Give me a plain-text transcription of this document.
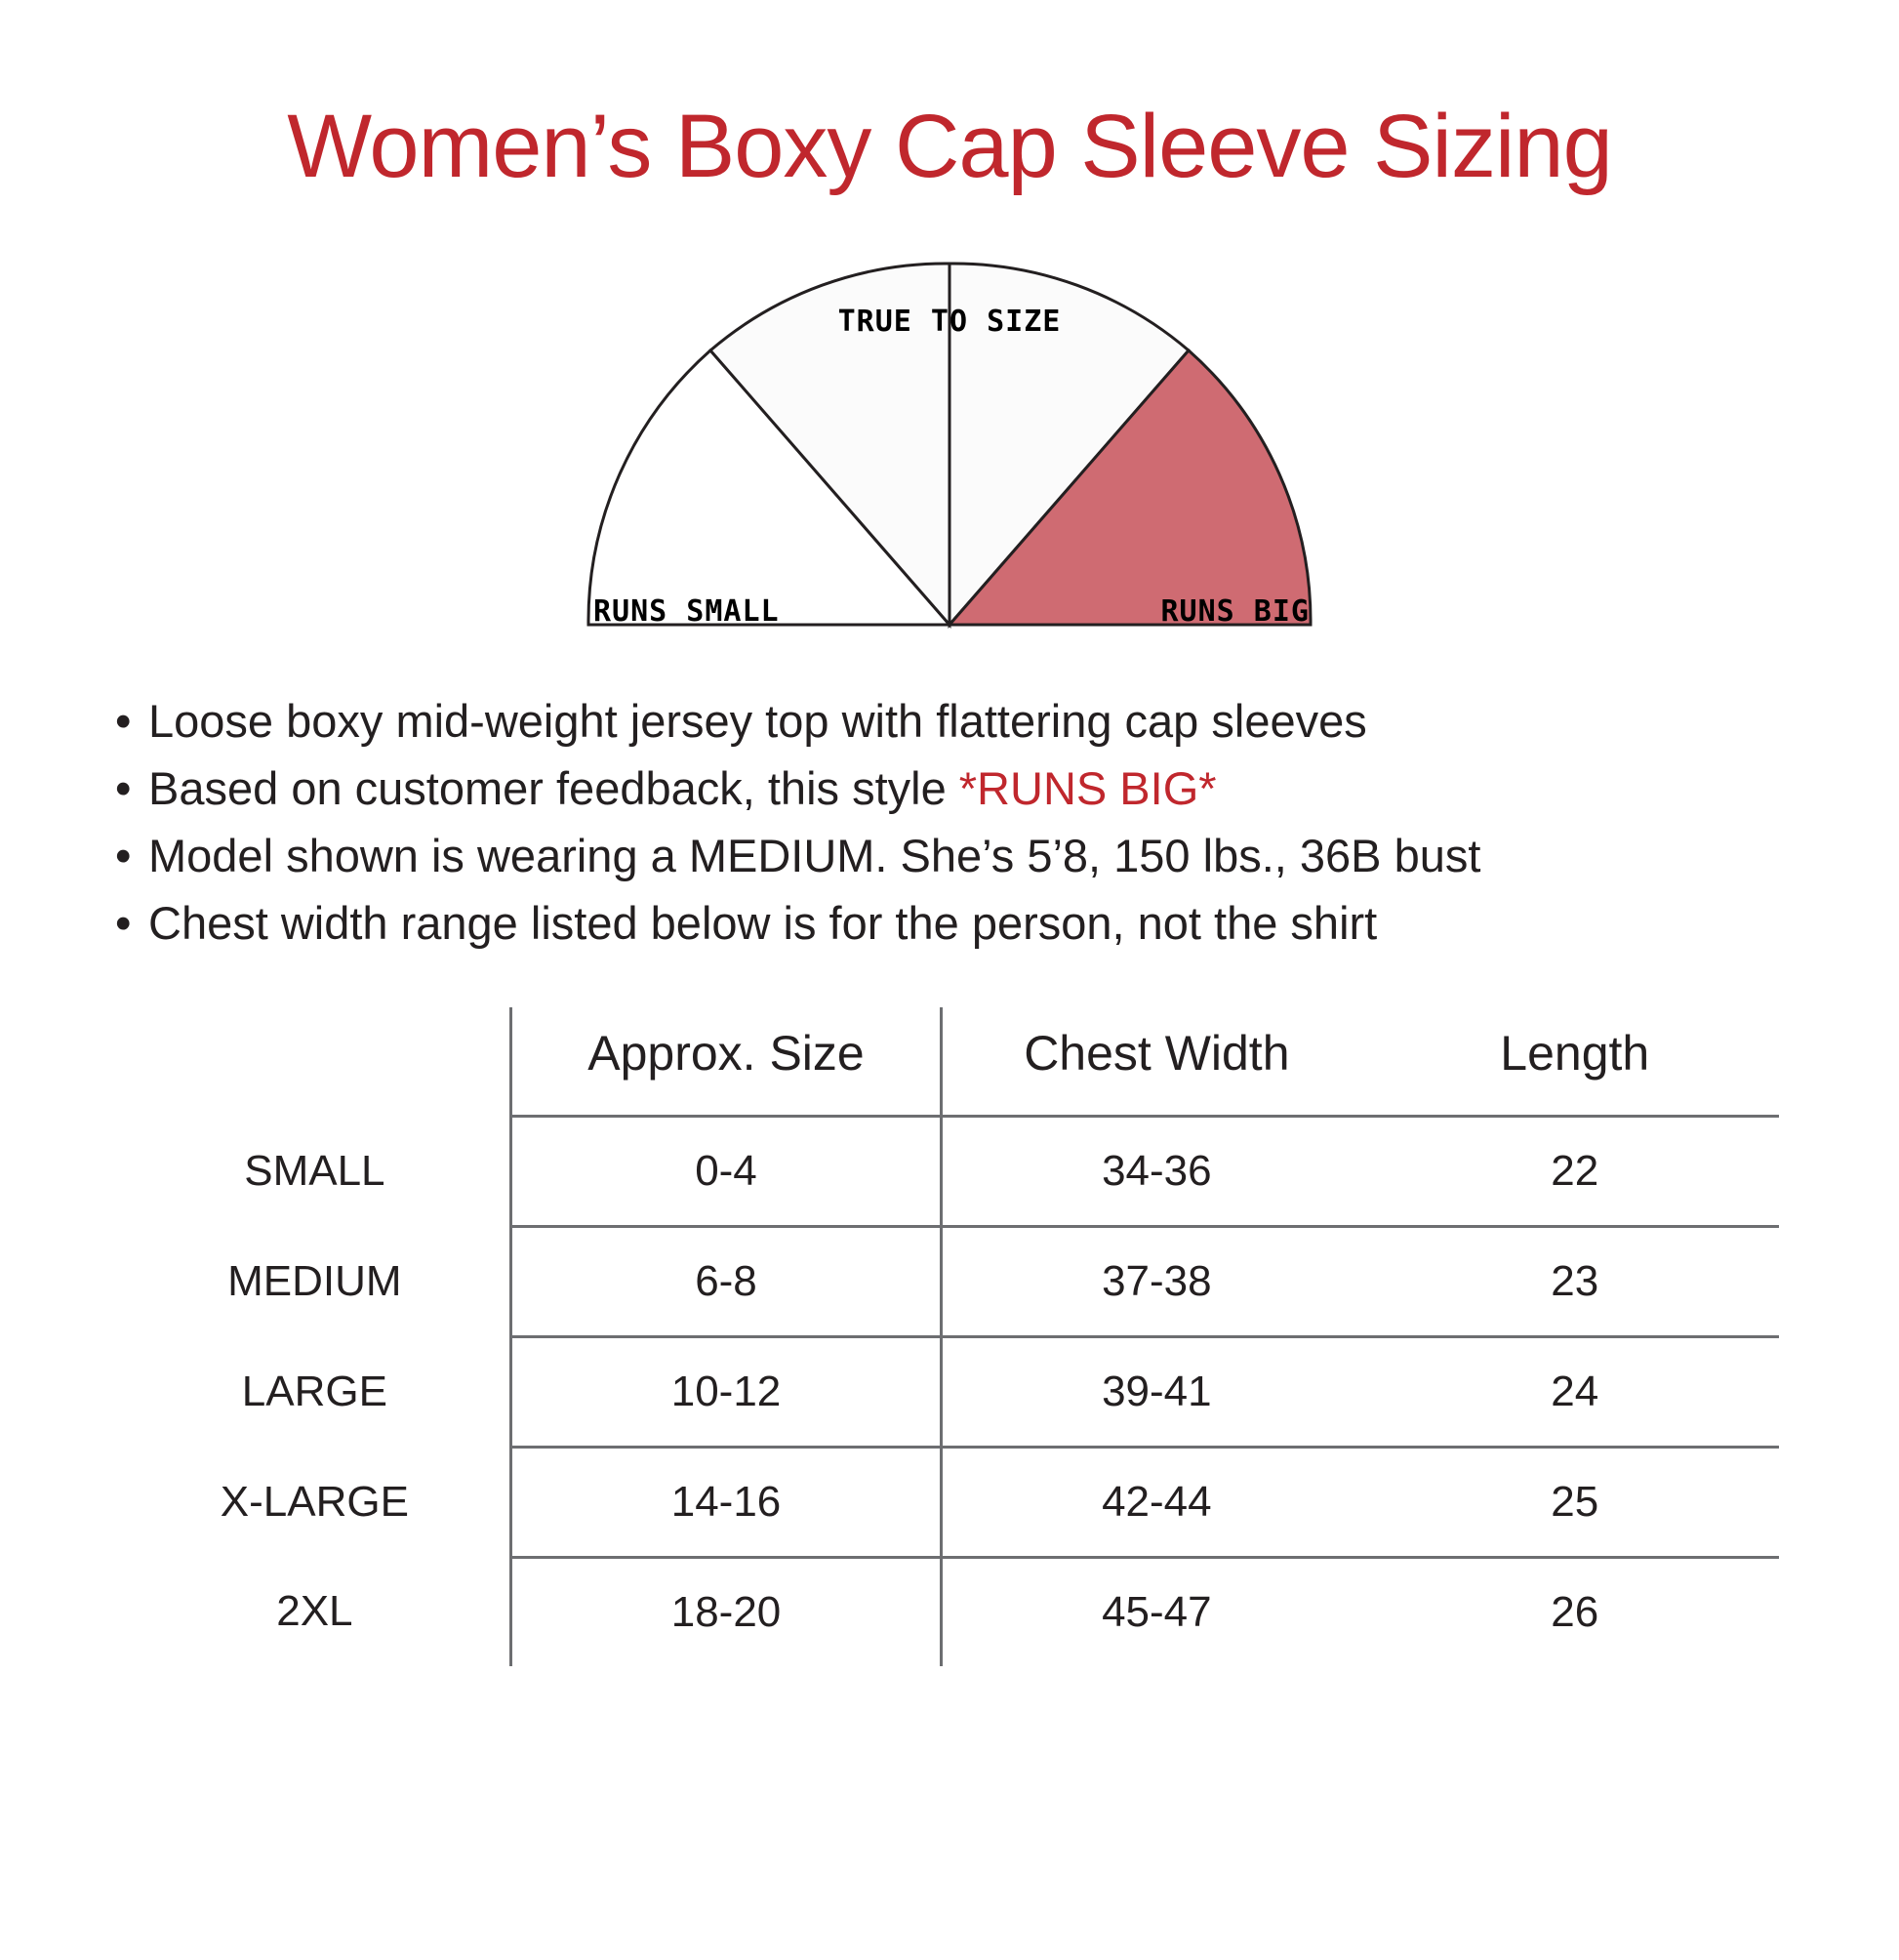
Women’s Boxy Cap Sleeve Sizing
TRUE TO SIZE
RUNS SMALL	RUNS BIG
• Loose boxy mid-weight jersey top with flattering cap sleeves
• Based on customer feedback, this style *RUNS BIG*
• Model shown is wearing a MEDIUM. She’s 5’8, 150 lbs., 36B bust
• Chest width range listed below is for the person, not the shirt
	Approx. Size	Chest Width	Length
SMALL	0-4	34-36	22
MEDIUM	6-8	37-38	23
LARGE	10-12	39-41	24
X-LARGE	14-16	42-44	25
2XL	18-20	45-47	26
